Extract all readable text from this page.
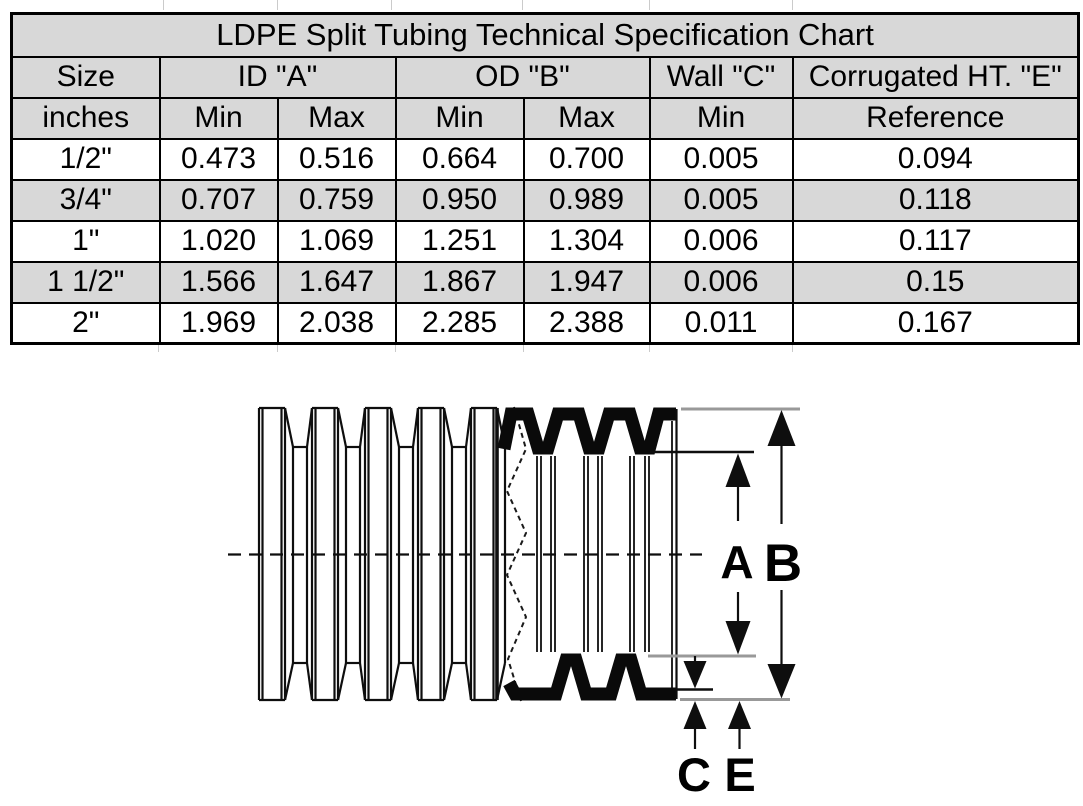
LDPE Split Tubing Technical Specification Chart						
Size	ID "A"		OD "B"		Wall "C"	Corrugated HT. "E"
inches	Min	Max	Min	Max	Min	Reference
1/2"	0.473	0.516	0.664	0.700	0.005	0.094
3/4"	0.707	0.759	0.950	0.989	0.005	0.118
1"	1.020	1.069	1.251	1.304	0.006	0.117
1 1/2"	1.566	1.647	1.867	1.947	0.006	0.15
2"	1.969	2.038	2.285	2.388	0.011	0.167
A B
C E
